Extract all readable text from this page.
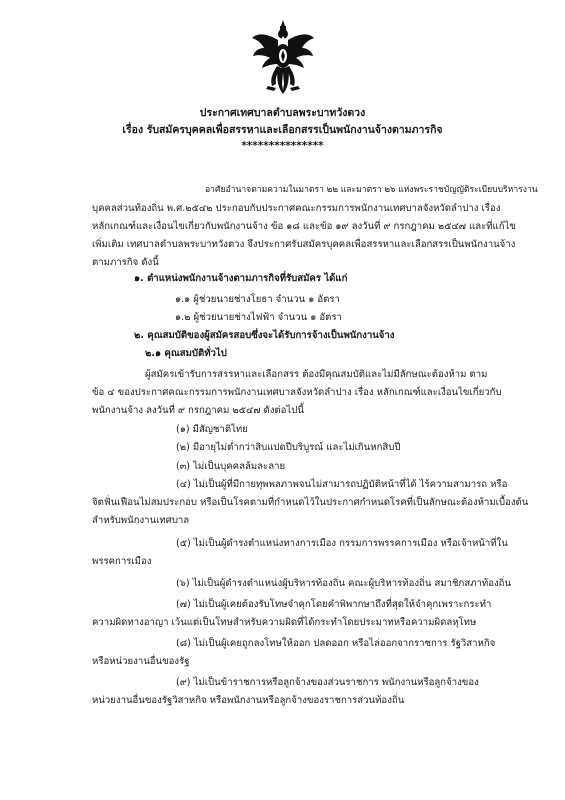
ประกาศเทศบาลตำบลพระบาทวังตวง
เรื่อง รับสมัครบุคคลเพื่อสรรหาและเลือกสรรเป็นพนักงานจ้างตามภารกิจ
***************
อาศัยอำนาจตามความในมาตรา ๒๒ และมาตรา ๒๖ แห่งพระราชบัญญัติระเบียบบริหารงาน
บุคคลส่วนท้องถิ่น พ.ศ.๒๕๔๒ ประกอบกับประกาศคณะกรรมการพนักงานเทศบาลจังหวัดลำปาง เรื่อง
หลักเกณฑ์และเงื่อนไขเกี่ยวกับพนักงานจ้าง ข้อ ๑๘ และข้อ ๑๙ ลงวันที่ ๙ กรกฎาคม ๒๕๔๗ และที่แก้ไข
เพิ่มเติม เทศบาลตำบลพระบาทวังตวง จึงประกาศรับสมัครบุคคลเพื่อสรรหาและเลือกสรรเป็นพนักงานจ้าง
ตามภารกิจ ดังนี้
๑. ตำแหน่งพนักงานจ้างตามภารกิจที่รับสมัคร ได้แก่
๑.๑ ผู้ช่วยนายช่างโยธา จำนวน ๑ อัตรา
๑.๒ ผู้ช่วยนายช่างไฟฟ้า จำนวน ๑ อัตรา
๒. คุณสมบัติของผู้สมัครสอบซึ่งจะได้รับการจ้างเป็นพนักงานจ้าง
๒.๑ คุณสมบัติทั่วไป
ผู้สมัครเข้ารับการสรรหาและเลือกสรร ต้องมีคุณสมบัติและไม่มีลักษณะต้องห้าม ตาม
ข้อ ๔ ของประกาศคณะกรรมการพนักงานเทศบาลจังหวัดลำปาง เรื่อง หลักเกณฑ์และเงื่อนไขเกี่ยวกับ
พนักงานจ้าง ลงวันที่ ๙ กรกฎาคม ๒๕๔๗ ดังต่อไปนี้
(๑) มีสัญชาติไทย
(๒) มีอายุไม่ต่ำกว่าสิบแปดปีบริบูรณ์ และไม่เกินหกสิบปี
(๓) ไม่เป็นบุคคลล้มละลาย
(๔) ไม่เป็นผู้ที่มีกายทุพพลภาพจนไม่สามารถปฏิบัติหน้าที่ได้ ไร้ความสามารถ หรือ
จิตฟั่นเฟือนไม่สมประกอบ หรือเป็นโรคตามที่กำหนดไว้ในประกาศกำหนดโรคที่เป็นลักษณะต้องห้ามเบื้องต้น
สำหรับพนักงานเทศบาล
(๕) ไม่เป็นผู้ดำรงตำแหน่งทางการเมือง กรรมการพรรคการเมือง หรือเจ้าหน้าที่ใน
พรรคการเมือง
(๖) ไม่เป็นผู้ดำรงตำแหน่งผู้บริหารท้องถิ่น คณะผู้บริหารท้องถิ่น สมาชิกสภาท้องถิ่น
(๗) ไม่เป็นผู้เคยต้องรับโทษจำคุกโดยคำพิพากษาถึงที่สุดให้จำคุกเพราะกระทำ
ความผิดทางอาญา เว้นแต่เป็นโทษสำหรับความผิดที่ได้กระทำโดยประมาทหรือความผิดลหุโทษ
(๘) ไม่เป็นผู้เคยถูกลงโทษให้ออก ปลดออก หรือไล่ออกจากราชการ รัฐวิสาหกิจ
หรือหน่วยงานอื่นของรัฐ
(๙) ไม่เป็นข้าราชการหรือลูกจ้างของส่วนราชการ พนักงานหรือลูกจ้างของ
หน่วยงานอื่นของรัฐวิสาหกิจ หรือพนักงานหรือลูกจ้างของราชการส่วนท้องถิ่น
